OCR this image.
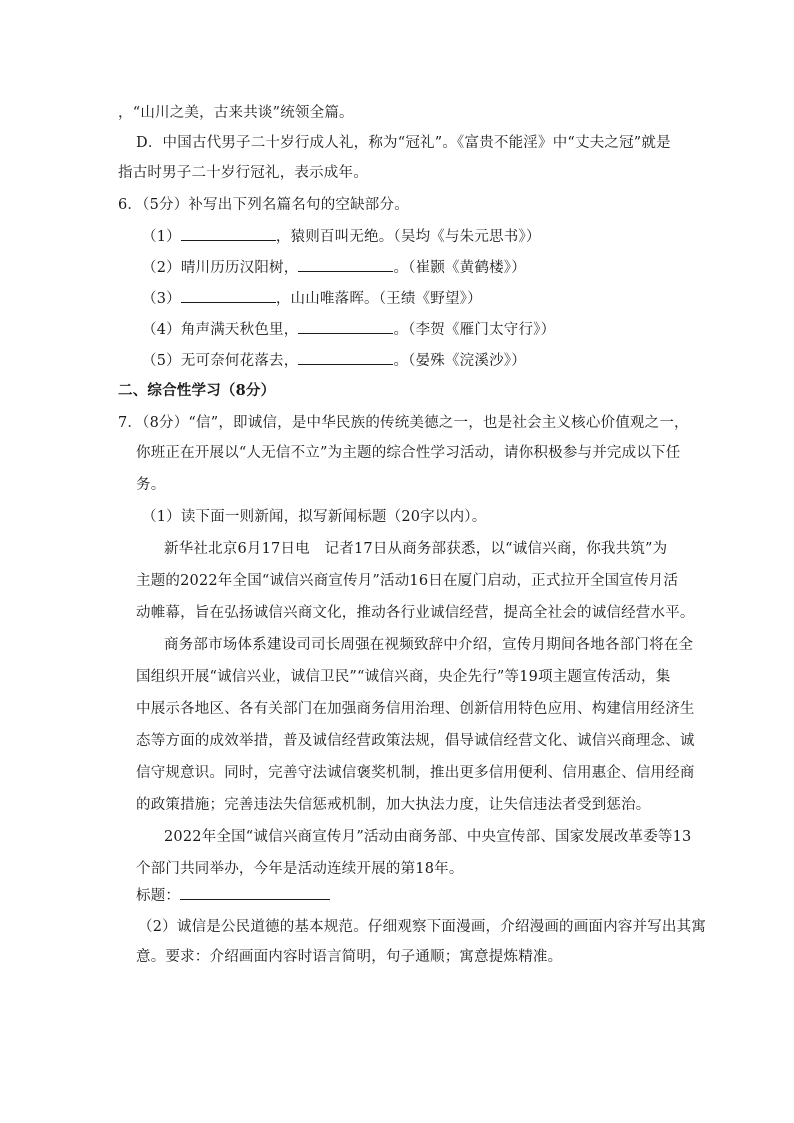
，“山川之美，古来共谈”统领全篇。
D．中国古代男子二十岁行成人礼，称为“冠礼”。《富贵不能淫》中“丈夫之冠”就是
指古时男子二十岁行冠礼，表示成年。
6．（5分）补写出下列名篇名句的空缺部分。
（1）	，猿则百叫无绝。（吴均《与朱元思书》）
（2）晴川历历汉阳树，	。（崔颢《黄鹤楼》）
（3）	，山山唯落晖。（王绩《野望》）
（4）角声满天秋色里，	。（李贺《雁门太守行》）
（5）无可奈何花落去，	。（晏殊《浣溪沙》）
二、综合性学习（8分）
7．（8分）“信”，即诚信，是中华民族的传统美德之一，也是社会主义核心价值观之一，
你班正在开展以“人无信不立”为主题的综合性学习活动，请你积极参与并完成以下任
务。
（1）读下面一则新闻，拟写新闻标题（20字以内）。
新华社北京6月17日电　记者17日从商务部获悉，以“诚信兴商，你我共筑”为
主题的2022年全国“诚信兴商宣传月”活动16日在厦门启动，正式拉开全国宣传月活
动帷幕，旨在弘扬诚信兴商文化，推动各行业诚信经营，提高全社会的诚信经营水平。
商务部市场体系建设司司长周强在视频致辞中介绍，宣传月期间各地各部门将在全
国组织开展“诚信兴业，诚信卫民”“诚信兴商，央企先行”等19项主题宣传活动，集
中展示各地区、各有关部门在加强商务信用治理、创新信用特色应用、构建信用经济生
态等方面的成效举措，普及诚信经营政策法规，倡导诚信经营文化、诚信兴商理念、诚
信守规意识。同时，完善守法诚信褒奖机制，推出更多信用便利、信用惠企、信用经商
的政策措施；完善违法失信惩戒机制，加大执法力度，让失信违法者受到惩治。
2022年全国“诚信兴商宣传月”活动由商务部、中央宣传部、国家发展改革委等13
个部门共同举办，今年是活动连续开展的第18年。
标题：
（2）诚信是公民道德的基本规范。仔细观察下面漫画，介绍漫画的画面内容并写出其寓
意。要求：介绍画面内容时语言简明，句子通顺；寓意提炼精准。
